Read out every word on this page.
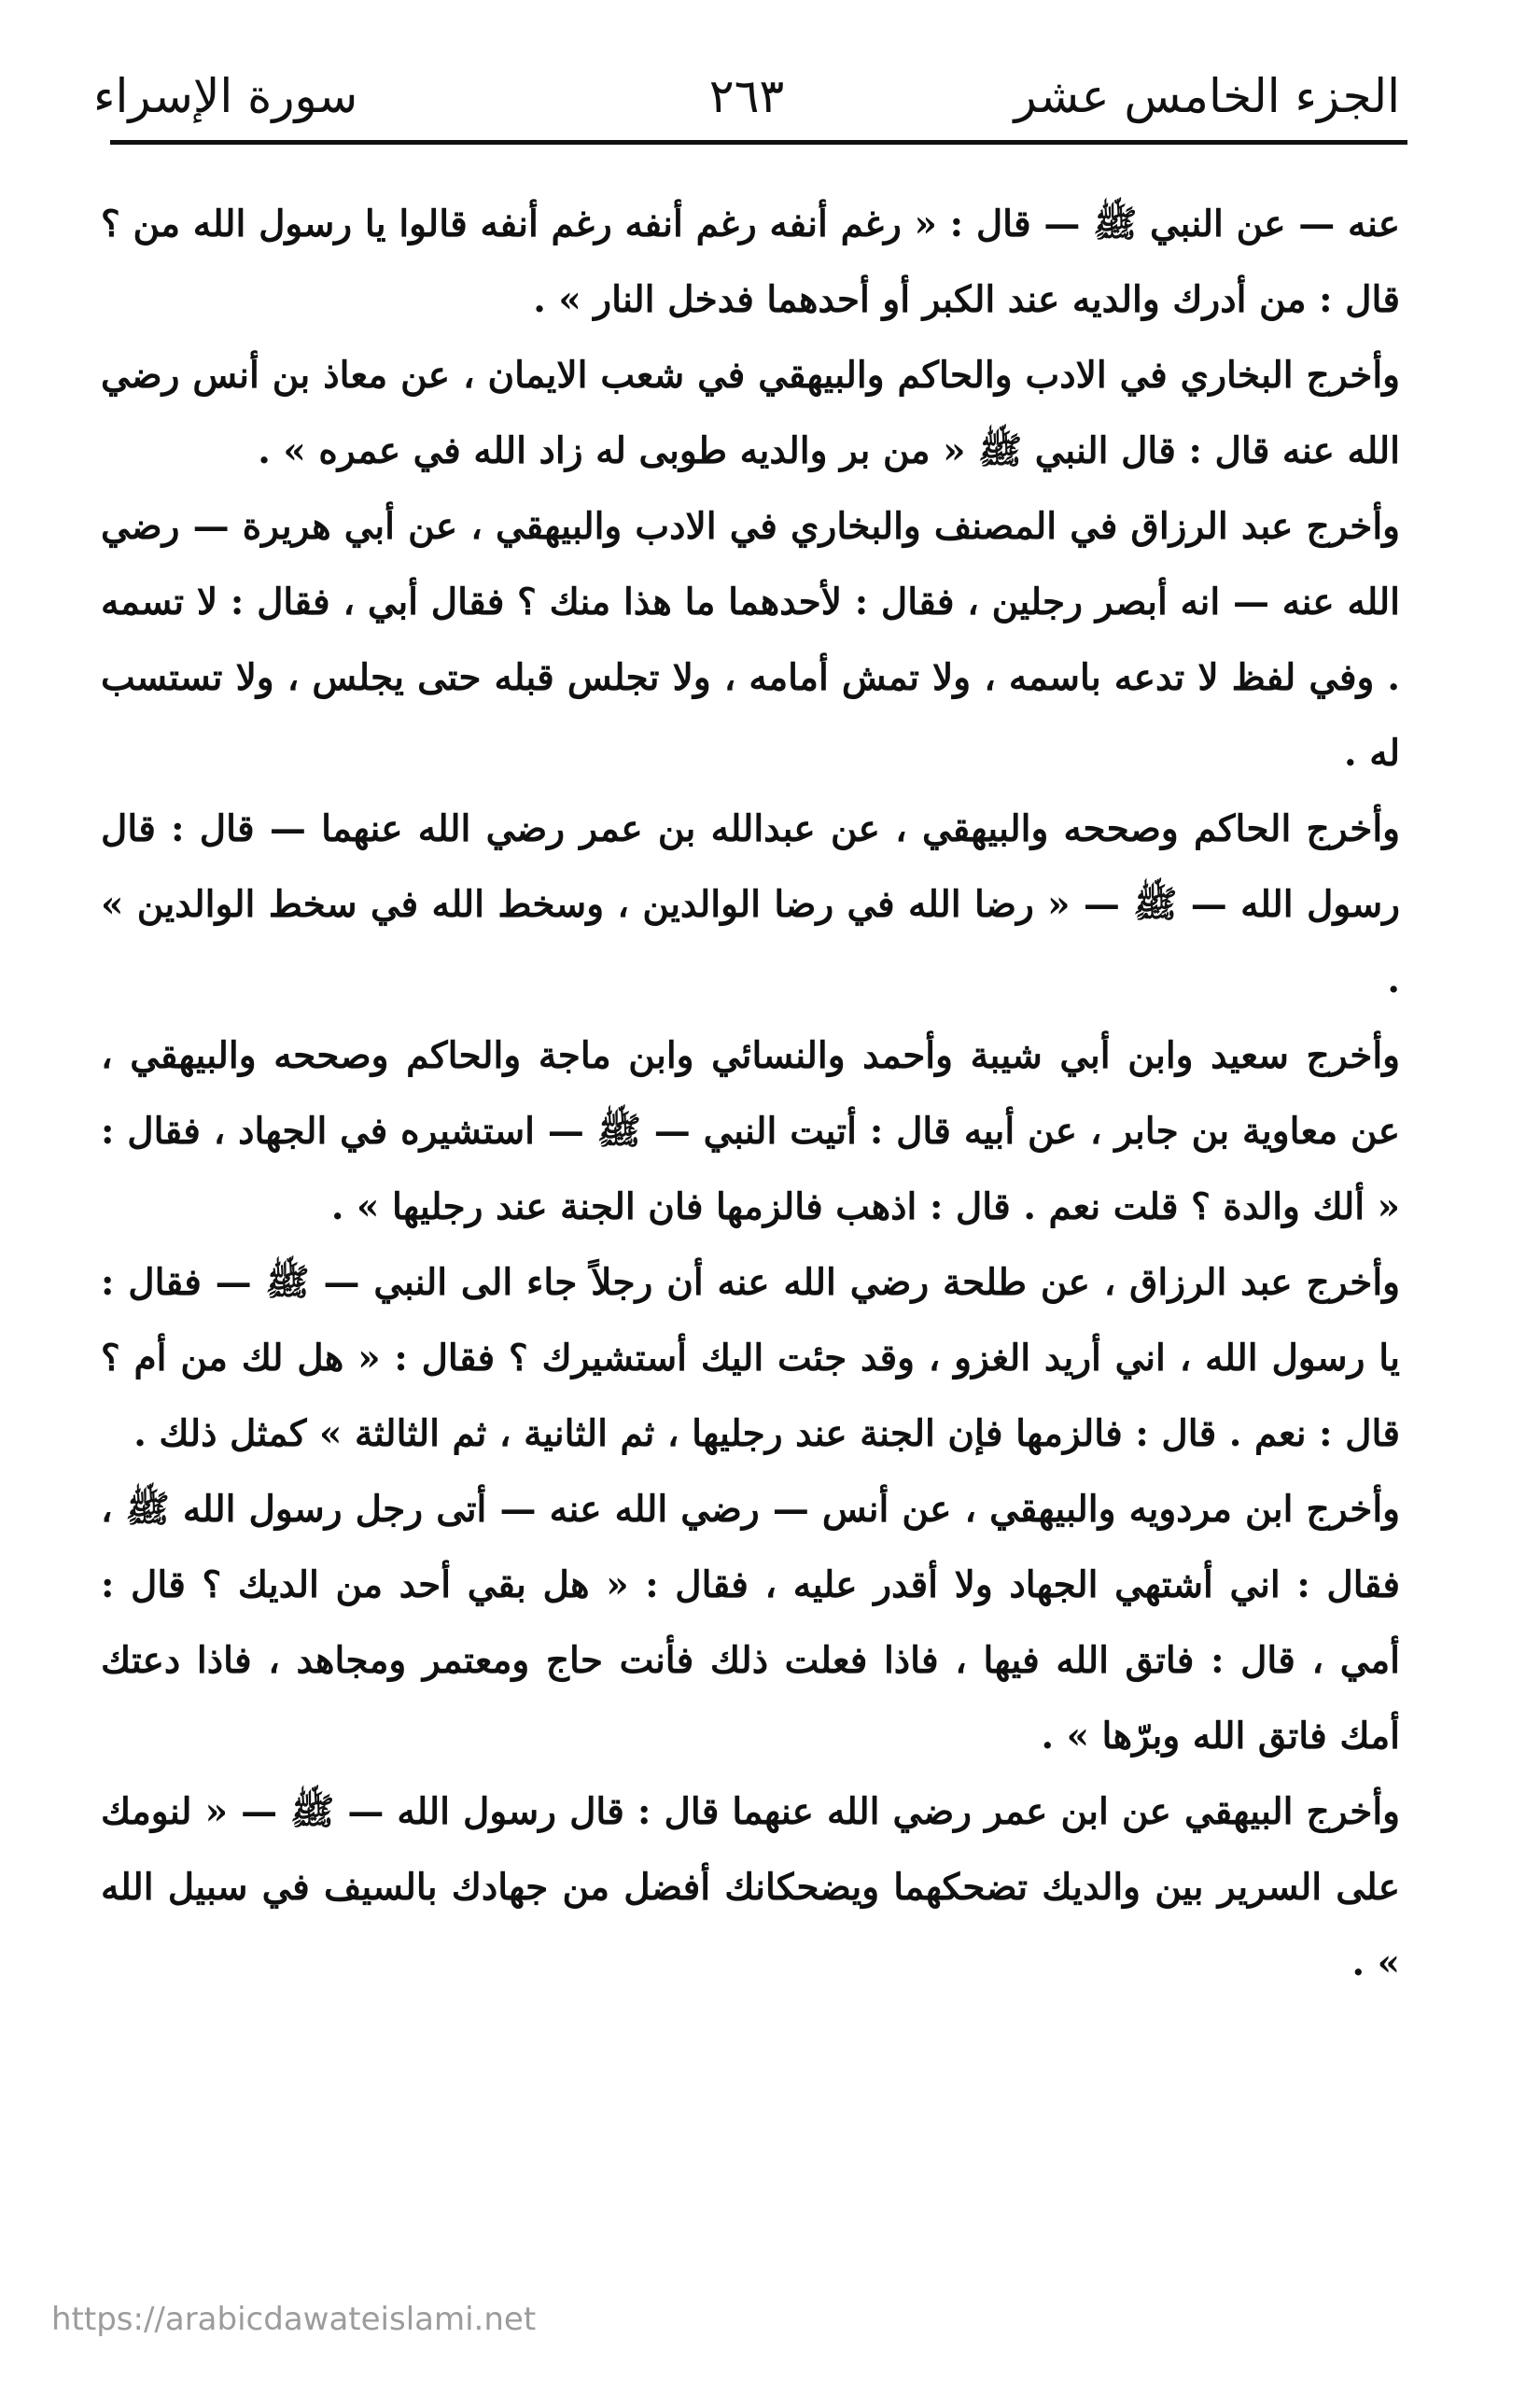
الجزء الخامس عشر
٢٦٣
سورة الإسراء

عنه — عن النبي ﷺ — قال : « رغم أنفه رغم أنفه رغم أنفه قالوا يا رسول الله من ؟ قال : من أدرك والديه عند الكبر أو أحدهما فدخل النار » .

وأخرج البخاري في الادب والحاكم والبيهقي في شعب الايمان ، عن معاذ بن أنس رضي الله عنه قال : قال النبي ﷺ « من بر والديه طوبى له زاد الله في عمره » .

وأخرج عبد الرزاق في المصنف والبخاري في الادب والبيهقي ، عن أبي هريرة — رضي الله عنه — انه أبصر رجلين ، فقال : لأحدهما ما هذا منك ؟ فقال أبي ، فقال : لا تسمه . وفي لفظ لا تدعه باسمه ، ولا تمش أمامه ، ولا تجلس قبله حتى يجلس ، ولا تستسب له .

وأخرج الحاكم وصححه والبيهقي ، عن عبدالله بن عمر رضي الله عنهما — قال : قال رسول الله — ﷺ — « رضا الله في رضا الوالدين ، وسخط الله في سخط الوالدين » .

وأخرج سعيد وابن أبي شيبة وأحمد والنسائي وابن ماجة والحاكم وصححه والبيهقي ، عن معاوية بن جابر ، عن أبيه قال : أتيت النبي — ﷺ — استشيره في الجهاد ، فقال : « ألك والدة ؟ قلت نعم . قال : اذهب فالزمها فان الجنة عند رجليها » .

وأخرج عبد الرزاق ، عن طلحة رضي الله عنه أن رجلاً جاء الى النبي — ﷺ — فقال : يا رسول الله ، اني أريد الغزو ، وقد جئت اليك أستشيرك ؟ فقال : « هل لك من أم ؟ قال : نعم . قال : فالزمها فإن الجنة عند رجليها ، ثم الثانية ، ثم الثالثة » كمثل ذلك .

وأخرج ابن مردويه والبيهقي ، عن أنس — رضي الله عنه — أتى رجل رسول الله ﷺ ، فقال : اني أشتهي الجهاد ولا أقدر عليه ، فقال : « هل بقي أحد من الديك ؟ قال : أمي ، قال : فاتق الله فيها ، فاذا فعلت ذلك فأنت حاج ومعتمر ومجاهد ، فاذا دعتك أمك فاتق الله وبرّها » .

وأخرج البيهقي عن ابن عمر رضي الله عنهما قال : قال رسول الله — ﷺ — « لنومك على السرير بين والديك تضحكهما ويضحكانك أفضل من جهادك بالسيف في سبيل الله » .

https://arabicdawateislami.net
